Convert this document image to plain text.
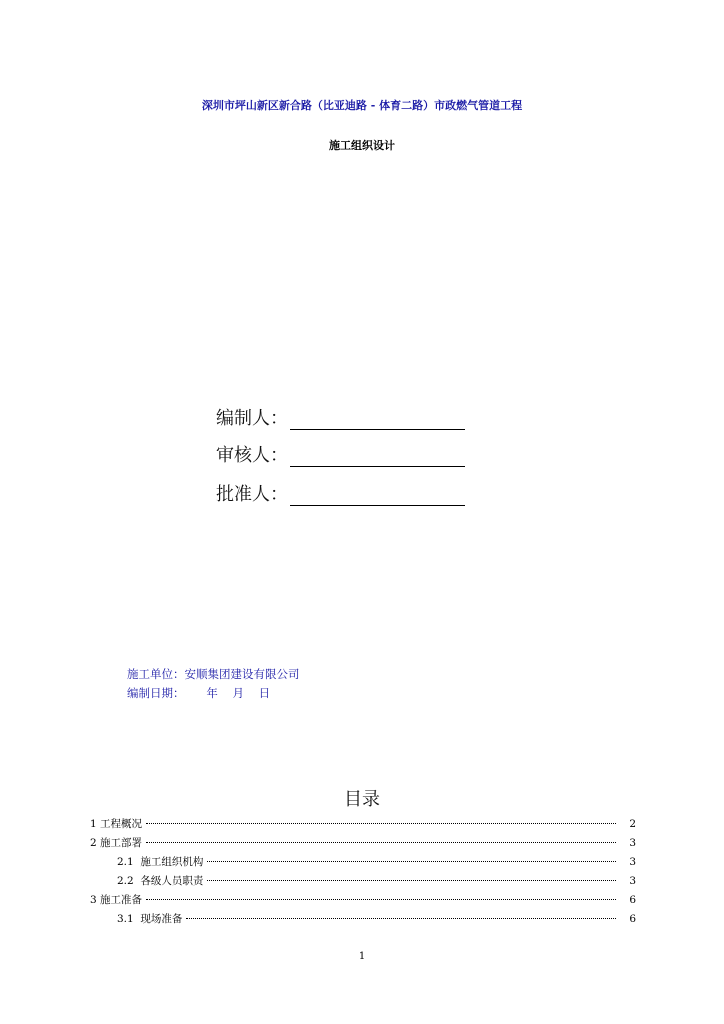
深圳市坪山新区新合路（比亚迪路 - 体育二路）市政燃气管道工程
施工组织设计
编制人：
审核人：
批准人：
施工单位：安顺集团建设有限公司
编制日期：      年    月    日
目录
1 工程概况	2
2 施工部署	3
2.1 施工组织机构	3
2.2 各级人员职责	3
3 施工准备	6
3.1 现场准备	6
1
